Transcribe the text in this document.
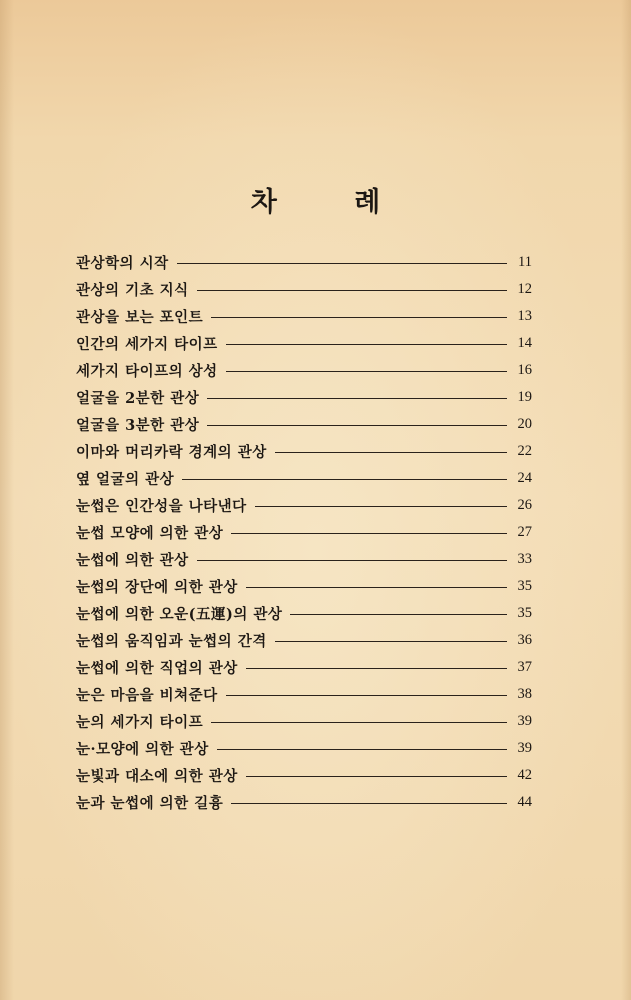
차 례
관상학의 시작	11
관상의 기초 지식	12
관상을 보는 포인트	13
인간의 세가지 타이프	14
세가지 타이프의 상성	16
얼굴을 2분한 관상	19
얼굴을 3분한 관상	20
이마와 머리카락 경계의 관상	22
옆 얼굴의 관상	24
눈썹은 인간성을 나타낸다	26
눈썹 모양에 의한 관상	27
눈썹에 의한 관상	33
눈썹의 장단에 의한 관상	35
눈썹에 의한 오운(五運)의 관상	35
눈썹의 움직임과 눈썹의 간격	36
눈썹에 의한 직업의 관상	37
눈은 마음을 비쳐준다	38
눈의 세가지 타이프	39
눈·모양에 의한 관상	39
눈빛과 대소에 의한 관상	42
눈과 눈썹에 의한 길흉	44
